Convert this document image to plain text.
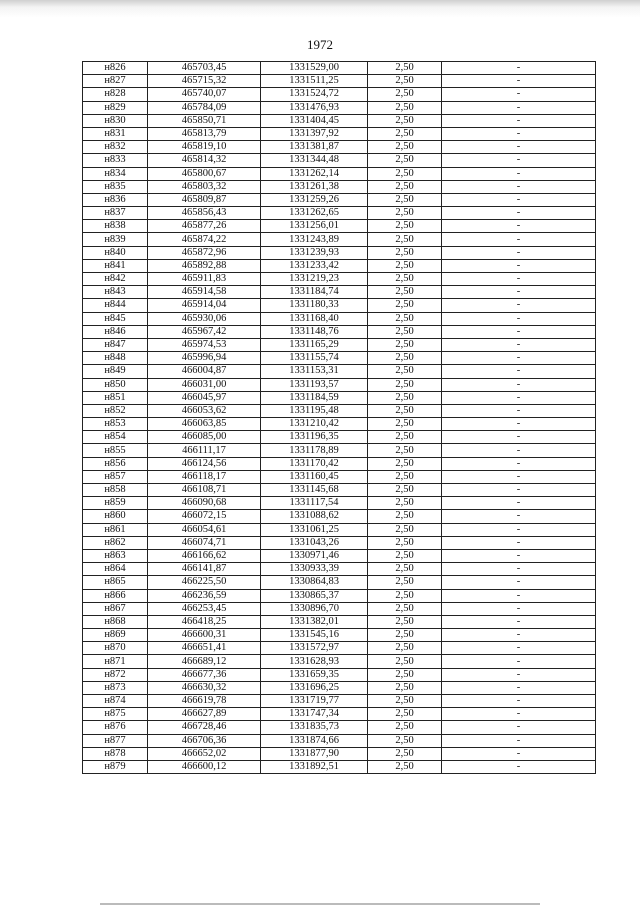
1972
н826	465703,45	1331529,00	2,50	-
н827	465715,32	1331511,25	2,50	-
н828	465740,07	1331524,72	2,50	-
н829	465784,09	1331476,93	2,50	-
н830	465850,71	1331404,45	2,50	-
н831	465813,79	1331397,92	2,50	-
н832	465819,10	1331381,87	2,50	-
н833	465814,32	1331344,48	2,50	-
н834	465800,67	1331262,14	2,50	-
н835	465803,32	1331261,38	2,50	-
н836	465809,87	1331259,26	2,50	-
н837	465856,43	1331262,65	2,50	-
н838	465877,26	1331256,01	2,50	-
н839	465874,22	1331243,89	2,50	-
н840	465872,96	1331239,93	2,50	-
н841	465892,88	1331233,42	2,50	-
н842	465911,83	1331219,23	2,50	-
н843	465914,58	1331184,74	2,50	-
н844	465914,04	1331180,33	2,50	-
н845	465930,06	1331168,40	2,50	-
н846	465967,42	1331148,76	2,50	-
н847	465974,53	1331165,29	2,50	-
н848	465996,94	1331155,74	2,50	-
н849	466004,87	1331153,31	2,50	-
н850	466031,00	1331193,57	2,50	-
н851	466045,97	1331184,59	2,50	-
н852	466053,62	1331195,48	2,50	-
н853	466063,85	1331210,42	2,50	-
н854	466085,00	1331196,35	2,50	-
н855	466111,17	1331178,89	2,50	-
н856	466124,56	1331170,42	2,50	-
н857	466118,17	1331160,45	2,50	-
н858	466108,71	1331145,68	2,50	-
н859	466090,68	1331117,54	2,50	-
н860	466072,15	1331088,62	2,50	-
н861	466054,61	1331061,25	2,50	-
н862	466074,71	1331043,26	2,50	-
н863	466166,62	1330971,46	2,50	-
н864	466141,87	1330933,39	2,50	-
н865	466225,50	1330864,83	2,50	-
н866	466236,59	1330865,37	2,50	-
н867	466253,45	1330896,70	2,50	-
н868	466418,25	1331382,01	2,50	-
н869	466600,31	1331545,16	2,50	-
н870	466651,41	1331572,97	2,50	-
н871	466689,12	1331628,93	2,50	-
н872	466677,36	1331659,35	2,50	-
н873	466630,32	1331696,25	2,50	-
н874	466619,78	1331719,77	2,50	-
н875	466627,89	1331747,34	2,50	-
н876	466728,46	1331835,73	2,50	-
н877	466706,36	1331874,66	2,50	-
н878	466652,02	1331877,90	2,50	-
н879	466600,12	1331892,51	2,50	-
